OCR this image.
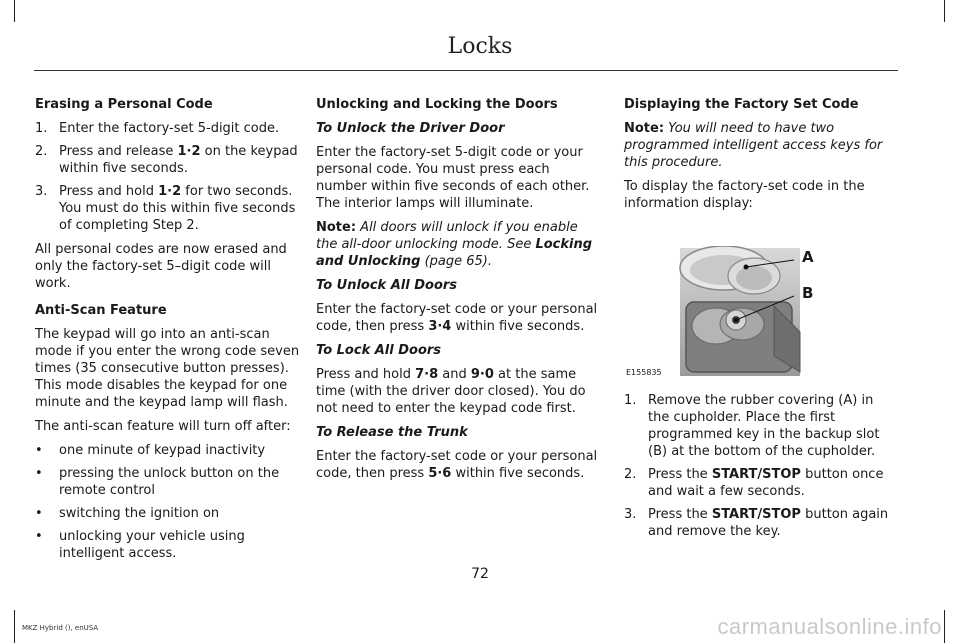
Locks

Erasing a Personal Code

1. Enter the factory-set 5-digit code.
2. Press and release 1·2 on the keypad within five seconds.
3. Press and hold 1·2 for two seconds. You must do this within five seconds of completing Step 2.

All personal codes are now erased and only the factory-set 5–digit code will work.

Anti-Scan Feature

The keypad will go into an anti-scan mode if you enter the wrong code seven times (35 consecutive button presses). This mode disables the keypad for one minute and the keypad lamp will flash.

The anti-scan feature will turn off after:

• one minute of keypad inactivity
• pressing the unlock button on the remote control
• switching the ignition on
• unlocking your vehicle using intelligent access.

Unlocking and Locking the Doors

To Unlock the Driver Door

Enter the factory-set 5-digit code or your personal code. You must press each number within five seconds of each other. The interior lamps will illuminate.

Note: All doors will unlock if you enable the all-door unlocking mode. See Locking and Unlocking (page 65).

To Unlock All Doors

Enter the factory-set code or your personal code, then press 3·4 within five seconds.

To Lock All Doors

Press and hold 7·8 and 9·0 at the same time (with the driver door closed). You do not need to enter the keypad code first.

To Release the Trunk

Enter the factory-set code or your personal code, then press 5·6 within five seconds.

Displaying the Factory Set Code

Note: You will need to have two programmed intelligent access keys for this procedure.

To display the factory-set code in the information display:

A
B
E155835
1. Remove the rubber covering (A) in the cupholder. Place the first programmed key in the backup slot (B) at the bottom of the cupholder.
2. Press the START/STOP button once and wait a few seconds.
3. Press the START/STOP button again and remove the key.
72
MKZ Hybrid (), enUSA	carmanualsonline.info
